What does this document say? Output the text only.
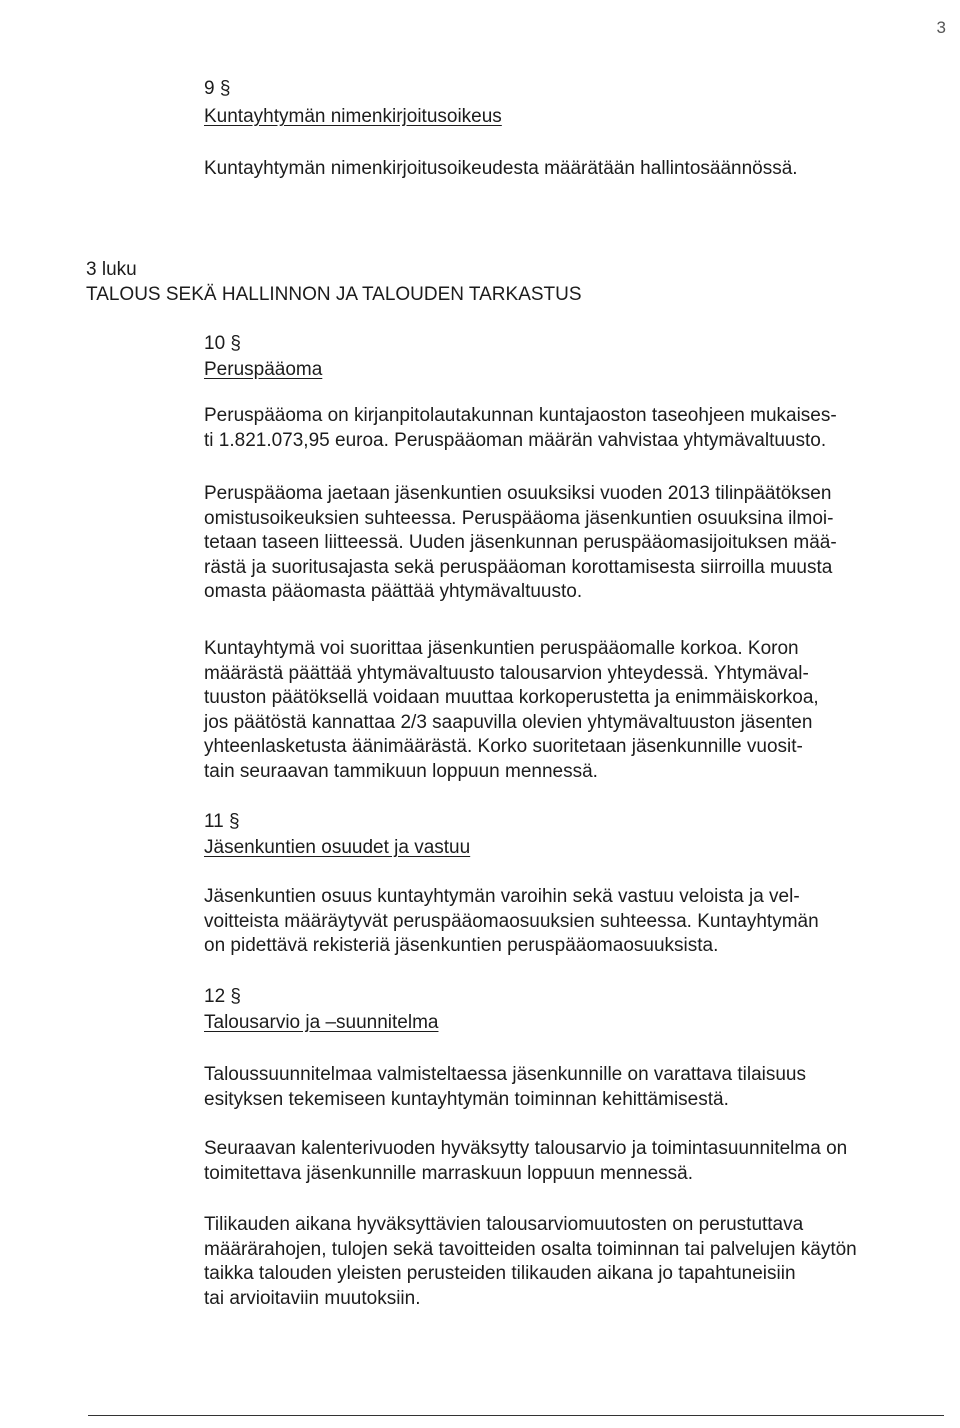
3
9 §
Kuntayhtymän nimenkirjoitusoikeus
Kuntayhtymän nimenkirjoitusoikeudesta määrätään hallintosäännössä.
3 luku
TALOUS SEKÄ HALLINNON JA TALOUDEN TARKASTUS
10 §
Peruspääoma
Peruspääoma on kirjanpitolautakunnan kuntajaoston taseohjeen mukaises-
ti 1.821.073,95 euroa. Peruspääoman määrän vahvistaa yhtymävaltuusto.
Peruspääoma jaetaan jäsenkuntien osuuksiksi vuoden 2013 tilinpäätöksen
omistusoikeuksien suhteessa. Peruspääoma jäsenkuntien osuuksina ilmoi-
tetaan taseen liitteessä. Uuden jäsenkunnan peruspääomasijoituksen mää-
rästä ja suoritusajasta sekä peruspääoman korottamisesta siirroilla muusta
omasta pääomasta päättää yhtymävaltuusto.
Kuntayhtymä voi suorittaa jäsenkuntien peruspääomalle korkoa. Koron
määrästä päättää yhtymävaltuusto talousarvion yhteydessä. Yhtymäval-
tuuston päätöksellä voidaan muuttaa korkoperustetta ja enimmäiskorkoa,
jos päätöstä kannattaa 2/3 saapuvilla olevien yhtymävaltuuston jäsenten
yhteenlasketusta äänimäärästä. Korko suoritetaan jäsenkunnille vuosit-
tain seuraavan tammikuun loppuun mennessä.
11 §
Jäsenkuntien osuudet ja vastuu
Jäsenkuntien osuus kuntayhtymän varoihin sekä vastuu veloista ja vel-
voitteista määräytyvät peruspääomaosuuksien suhteessa. Kuntayhtymän
on pidettävä rekisteriä jäsenkuntien peruspääomaosuuksista.
12 §
Talousarvio ja –suunnitelma
Taloussuunnitelmaa valmisteltaessa jäsenkunnille on varattava tilaisuus
esityksen tekemiseen kuntayhtymän toiminnan kehittämisestä.
Seuraavan kalenterivuoden hyväksytty talousarvio ja toimintasuunnitelma on
toimitettava jäsenkunnille marraskuun loppuun mennessä.
Tilikauden aikana hyväksyttävien talousarviomuutosten on perustuttava
määrärahojen, tulojen sekä tavoitteiden osalta toiminnan tai palvelujen käytön
taikka talouden yleisten perusteiden tilikauden aikana jo tapahtuneisiin
tai arvioitaviin muutoksiin.
